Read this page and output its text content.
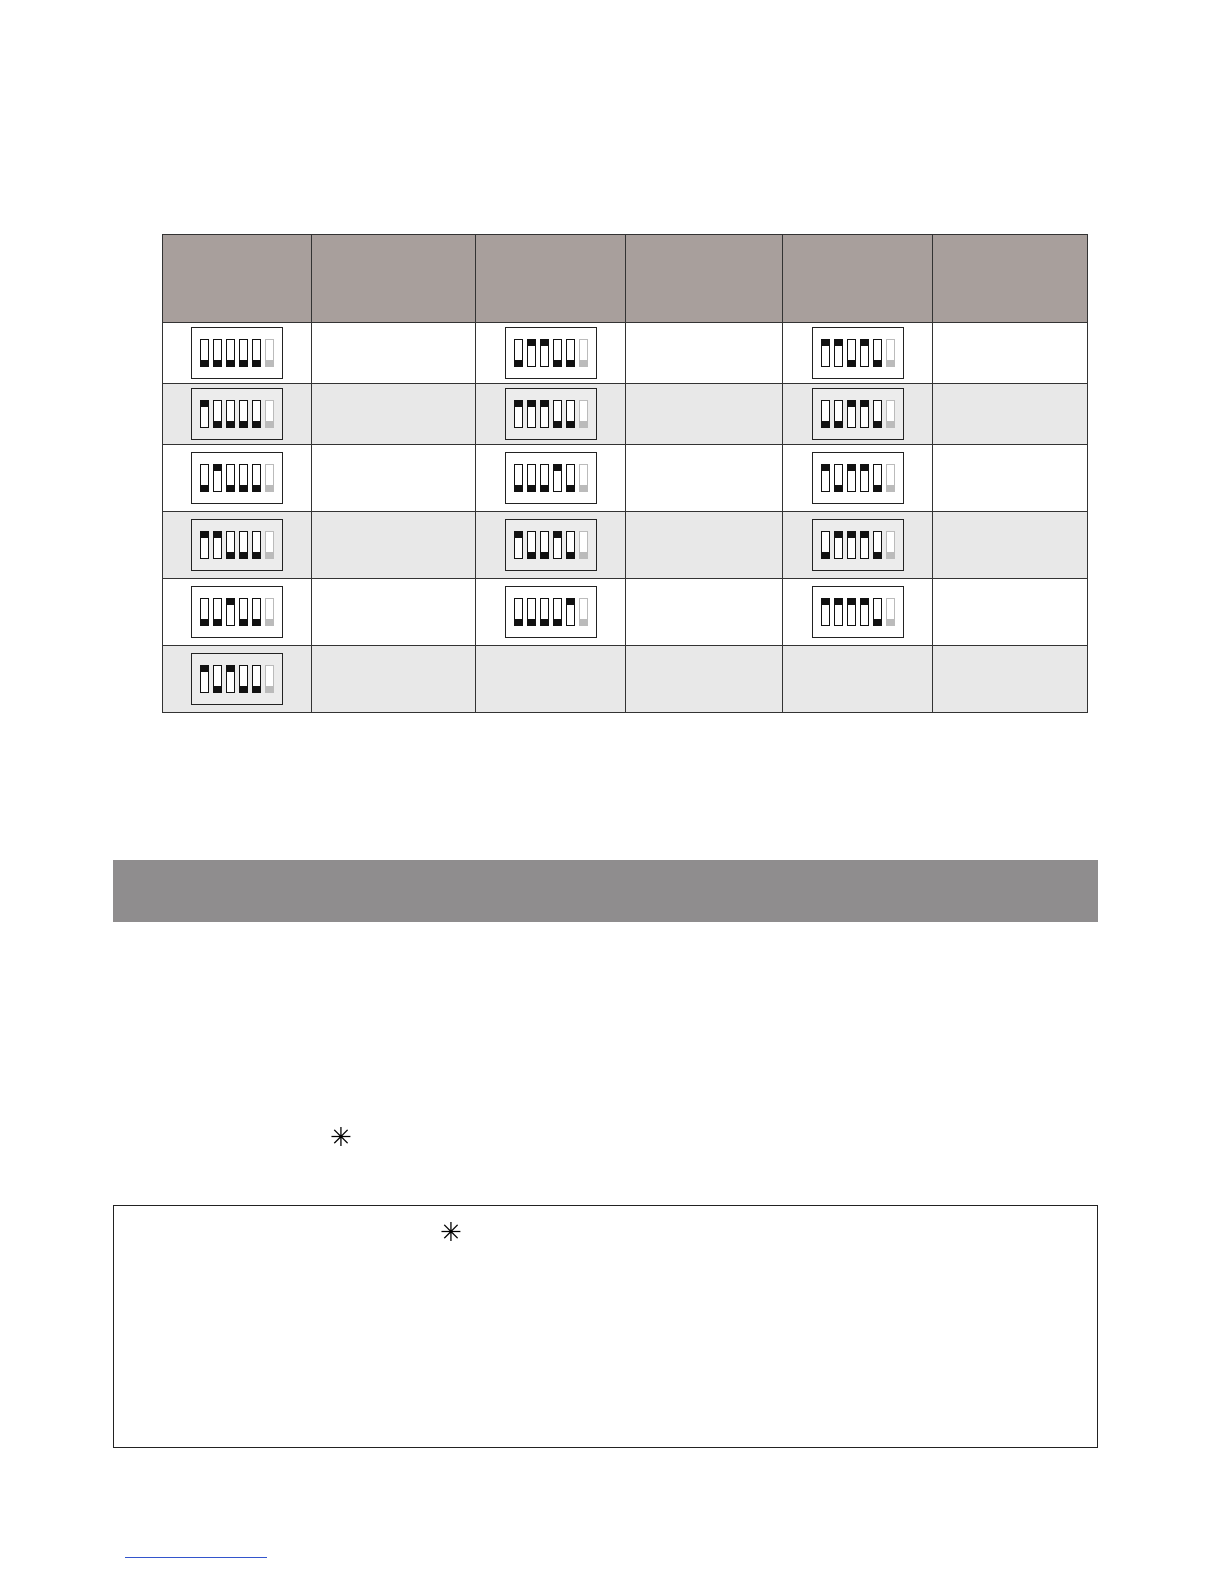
✳
✳
